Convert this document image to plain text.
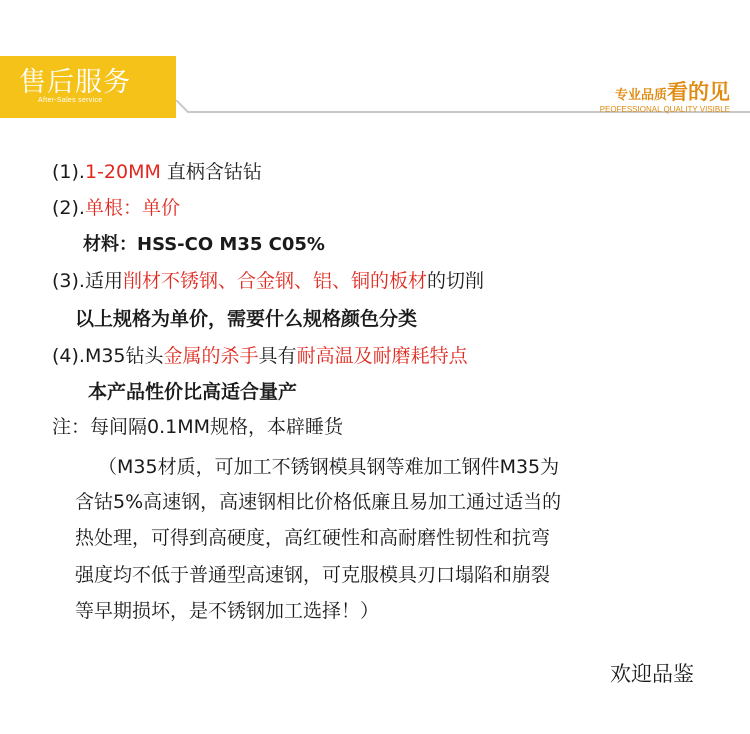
售后服务
After-Sales service	专业品质看的见
PEOFESSIONAL QUALITY VISIBLE
(1).1-20MM 直柄含钴钻
(2).单根：单价
材料：HSS-CO M35 C05%
(3).适用削材不锈钢、合金钢、铝、铜的板材的切削
以上规格为单价，需要什么规格颜色分类
(4).M35钻头金属的杀手具有耐高温及耐磨耗特点
本产品性价比高适合量产
注：每间隔0.1MM规格，本辟睡货
（M35材质，可加工不锈钢模具钢等难加工钢件M35为
含钴5%高速钢，高速钢相比价格低廉且易加工通过适当的
热处理，可得到高硬度，高红硬性和高耐磨性韧性和抗弯
强度均不低于普通型高速钢，可克服模具刃口塌陷和崩裂
等早期损坏，是不锈钢加工选择！）
欢迎品鉴
